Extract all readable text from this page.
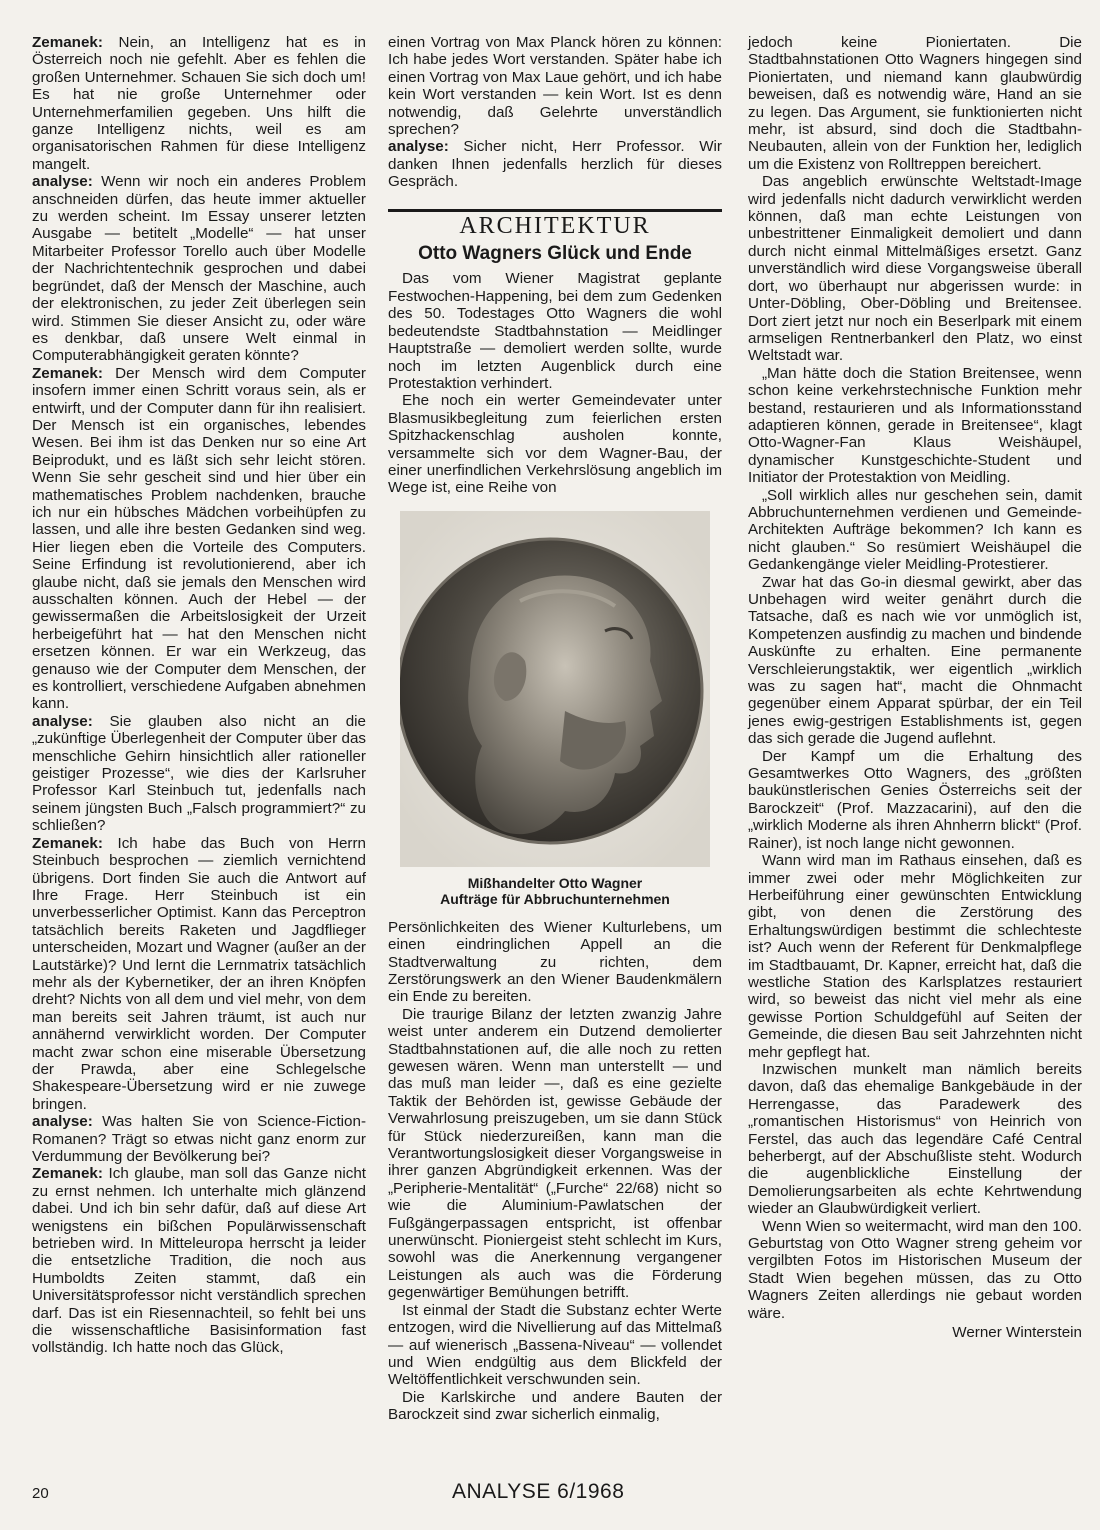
Zemanek: Nein, an Intelligenz hat es in Österreich noch nie gefehlt. Aber es fehlen die großen Unternehmer. Schauen Sie sich doch um! Es hat nie große Unternehmer oder Unternehmerfamilien gegeben. Uns hilft die ganze Intelligenz nichts, weil es am organisatorischen Rahmen für diese Intelligenz mangelt.

analyse: Wenn wir noch ein anderes Problem anschneiden dürfen, das heute immer aktueller zu werden scheint. Im Essay unserer letzten Ausgabe — betitelt „Modelle“ — hat unser Mitarbeiter Professor Torello auch über Modelle der Nachrichtentechnik gesprochen und dabei begründet, daß der Mensch der Maschine, auch der elektronischen, zu jeder Zeit überlegen sein wird. Stimmen Sie dieser Ansicht zu, oder wäre es denkbar, daß unsere Welt einmal in Computerabhängigkeit geraten könnte?

Zemanek: Der Mensch wird dem Computer insofern immer einen Schritt voraus sein, als er entwirft, und der Computer dann für ihn realisiert. Der Mensch ist ein organisches, lebendes Wesen. Bei ihm ist das Denken nur so eine Art Beiprodukt, und es läßt sich sehr leicht stören. Wenn Sie sehr gescheit sind und hier über ein mathematisches Problem nachdenken, brauche ich nur ein hübsches Mädchen vorbeihüpfen zu lassen, und alle ihre besten Gedanken sind weg. Hier liegen eben die Vorteile des Computers. Seine Erfindung ist revolutionierend, aber ich glaube nicht, daß sie jemals den Menschen wird ausschalten können. Auch der Hebel — der gewissermaßen die Arbeitslosigkeit der Urzeit herbeigeführt hat — hat den Menschen nicht ersetzen können. Er war ein Werkzeug, das genauso wie der Computer dem Menschen, der es kontrolliert, verschiedene Aufgaben abnehmen kann.

analyse: Sie glauben also nicht an die „zukünftige Überlegenheit der Computer über das menschliche Gehirn hinsichtlich aller rationeller geistiger Prozesse“, wie dies der Karlsruher Professor Karl Steinbuch tut, jedenfalls nach seinem jüngsten Buch „Falsch programmiert?“ zu schließen?

Zemanek: Ich habe das Buch von Herrn Steinbuch besprochen — ziemlich vernichtend übrigens. Dort finden Sie auch die Antwort auf Ihre Frage. Herr Steinbuch ist ein unverbesserlicher Optimist. Kann das Perceptron tatsächlich bereits Raketen und Jagdflieger unterscheiden, Mozart und Wagner (außer an der Lautstärke)? Und lernt die Lernmatrix tatsächlich mehr als der Kybernetiker, der an ihren Knöpfen dreht? Nichts von all dem und viel mehr, von dem man bereits seit Jahren träumt, ist auch nur annähernd verwirklicht worden. Der Computer macht zwar schon eine miserable Übersetzung der Prawda, aber eine Schlegelsche Shakespeare-Übersetzung wird er nie zuwege bringen.

analyse: Was halten Sie von Science-Fiction-Romanen? Trägt so etwas nicht ganz enorm zur Verdummung der Bevölkerung bei?

Zemanek: Ich glaube, man soll das Ganze nicht zu ernst nehmen. Ich unterhalte mich glänzend dabei. Und ich bin sehr dafür, daß auf diese Art wenigstens ein bißchen Populärwissenschaft betrieben wird. In Mitteleuropa herrscht ja leider die entsetzliche Tradition, die noch aus Humboldts Zeiten stammt, daß ein Universitätsprofessor nicht verständlich sprechen darf. Das ist ein Riesennachteil, so fehlt bei uns die wissenschaftliche Basisinformation fast vollständig. Ich hatte noch das Glück,

einen Vortrag von Max Planck hören zu können: Ich habe jedes Wort verstanden. Später habe ich einen Vortrag von Max Laue gehört, und ich habe kein Wort verstanden — kein Wort. Ist es denn notwendig, daß Gelehrte unverständlich sprechen?

analyse: Sicher nicht, Herr Professor. Wir danken Ihnen jedenfalls herzlich für dieses Gespräch.

ARCHITEKTUR
Otto Wagners Glück und Ende

Das vom Wiener Magistrat geplante Festwochen-Happening, bei dem zum Gedenken des 50. Todestages Otto Wagners die wohl bedeutendste Stadtbahnstation — Meidlinger Hauptstraße — demoliert werden sollte, wurde noch im letzten Augenblick durch eine Protestaktion verhindert.

Ehe noch ein werter Gemeindevater unter Blasmusikbegleitung zum feierlichen ersten Spitzhackenschlag ausholen konnte, versammelte sich vor dem Wagner-Bau, der einer unerfindlichen Verkehrslösung angeblich im Wege ist, eine Reihe von

Mißhandelter Otto Wagner
Aufträge für Abbruchunternehmen

Persönlichkeiten des Wiener Kulturlebens, um einen eindringlichen Appell an die Stadtverwaltung zu richten, dem Zerstörungswerk an den Wiener Baudenkmälern ein Ende zu bereiten.

Die traurige Bilanz der letzten zwanzig Jahre weist unter anderem ein Dutzend demolierter Stadtbahnstationen auf, die alle noch zu retten gewesen wären. Wenn man unterstellt — und das muß man leider —, daß es eine gezielte Taktik der Behörden ist, gewisse Gebäude der Verwahrlosung preiszugeben, um sie dann Stück für Stück niederzureißen, kann man die Verantwortungslosigkeit dieser Vorgangsweise in ihrer ganzen Abgründigkeit erkennen. Was der „Peripherie-Mentalität“ („Furche“ 22/68) nicht so wie die Aluminium-Pawlatschen der Fußgängerpassagen entspricht, ist offenbar unerwünscht. Pioniergeist steht schlecht im Kurs, sowohl was die Anerkennung vergangener Leistungen als auch was die Förderung gegenwärtiger Bemühungen betrifft.

Ist einmal der Stadt die Substanz echter Werte entzogen, wird die Nivellierung auf das Mittelmaß — auf wienerisch „Bassena-Niveau“ — vollendet und Wien endgültig aus dem Blickfeld der Weltöffentlichkeit verschwunden sein.

Die Karlskirche und andere Bauten der Barockzeit sind zwar sicherlich einmalig,

jedoch keine Pioniertaten. Die Stadtbahnstationen Otto Wagners hingegen sind Pioniertaten, und niemand kann glaubwürdig beweisen, daß es notwendig wäre, Hand an sie zu legen. Das Argument, sie funktionierten nicht mehr, ist absurd, sind doch die Stadtbahn-Neubauten, allein von der Funktion her, lediglich um die Existenz von Rolltreppen bereichert.

Das angeblich erwünschte Weltstadt-Image wird jedenfalls nicht dadurch verwirklicht werden können, daß man echte Leistungen von unbestrittener Einmaligkeit demoliert und dann durch nicht einmal Mittelmäßiges ersetzt. Ganz unverständlich wird diese Vorgangsweise überall dort, wo überhaupt nur abgerissen wurde: in Unter-Döbling, Ober-Döbling und Breitensee. Dort ziert jetzt nur noch ein Beserlpark mit einem armseligen Rentnerbankerl den Platz, wo einst Weltstadt war.

„Man hätte doch die Station Breitensee, wenn schon keine verkehrstechnische Funktion mehr bestand, restaurieren und als Informationsstand adaptieren können, gerade in Breitensee“, klagt Otto-Wagner-Fan Klaus Weishäupel, dynamischer Kunstgeschichte-Student und Initiator der Protestaktion von Meidling.

„Soll wirklich alles nur geschehen sein, damit Abbruchunternehmen verdienen und Gemeinde-Architekten Aufträge bekommen? Ich kann es nicht glauben.“ So resümiert Weishäupel die Gedankengänge vieler Meidling-Protestierer.

Zwar hat das Go-in diesmal gewirkt, aber das Unbehagen wird weiter genährt durch die Tatsache, daß es nach wie vor unmöglich ist, Kompetenzen ausfindig zu machen und bindende Auskünfte zu erhalten. Eine permanente Verschleierungstaktik, wer eigentlich „wirklich was zu sagen hat“, macht die Ohnmacht gegenüber einem Apparat spürbar, der ein Teil jenes ewig-gestrigen Establishments ist, gegen das sich gerade die Jugend auflehnt.

Der Kampf um die Erhaltung des Gesamtwerkes Otto Wagners, des „größten baukünstlerischen Genies Österreichs seit der Barockzeit“ (Prof. Mazzacarini), auf den die „wirklich Moderne als ihren Ahnherrn blickt“ (Prof. Rainer), ist noch lange nicht gewonnen.

Wann wird man im Rathaus einsehen, daß es immer zwei oder mehr Möglichkeiten zur Herbeiführung einer gewünschten Entwicklung gibt, von denen die Zerstörung des Erhaltungswürdigen bestimmt die schlechteste ist? Auch wenn der Referent für Denkmalpflege im Stadtbauamt, Dr. Kapner, erreicht hat, daß die westliche Station des Karlsplatzes restauriert wird, so beweist das nicht viel mehr als eine gewisse Portion Schuldgefühl auf Seiten der Gemeinde, die diesen Bau seit Jahrzehnten nicht mehr gepflegt hat.

Inzwischen munkelt man nämlich bereits davon, daß das ehemalige Bankgebäude in der Herrengasse, das Paradewerk des „romantischen Historismus“ von Heinrich von Ferstel, das auch das legendäre Café Central beherbergt, auf der Abschußliste steht. Wodurch die augenblickliche Einstellung der Demolierungsarbeiten als echte Kehrtwendung wieder an Glaubwürdigkeit verliert.

Wenn Wien so weitermacht, wird man den 100. Geburtstag von Otto Wagner streng geheim vor vergilbten Fotos im Historischen Museum der Stadt Wien begehen müssen, das zu Otto Wagners Zeiten allerdings nie gebaut worden wäre.

Werner Winterstein
20	ANALYSE 6/1968
